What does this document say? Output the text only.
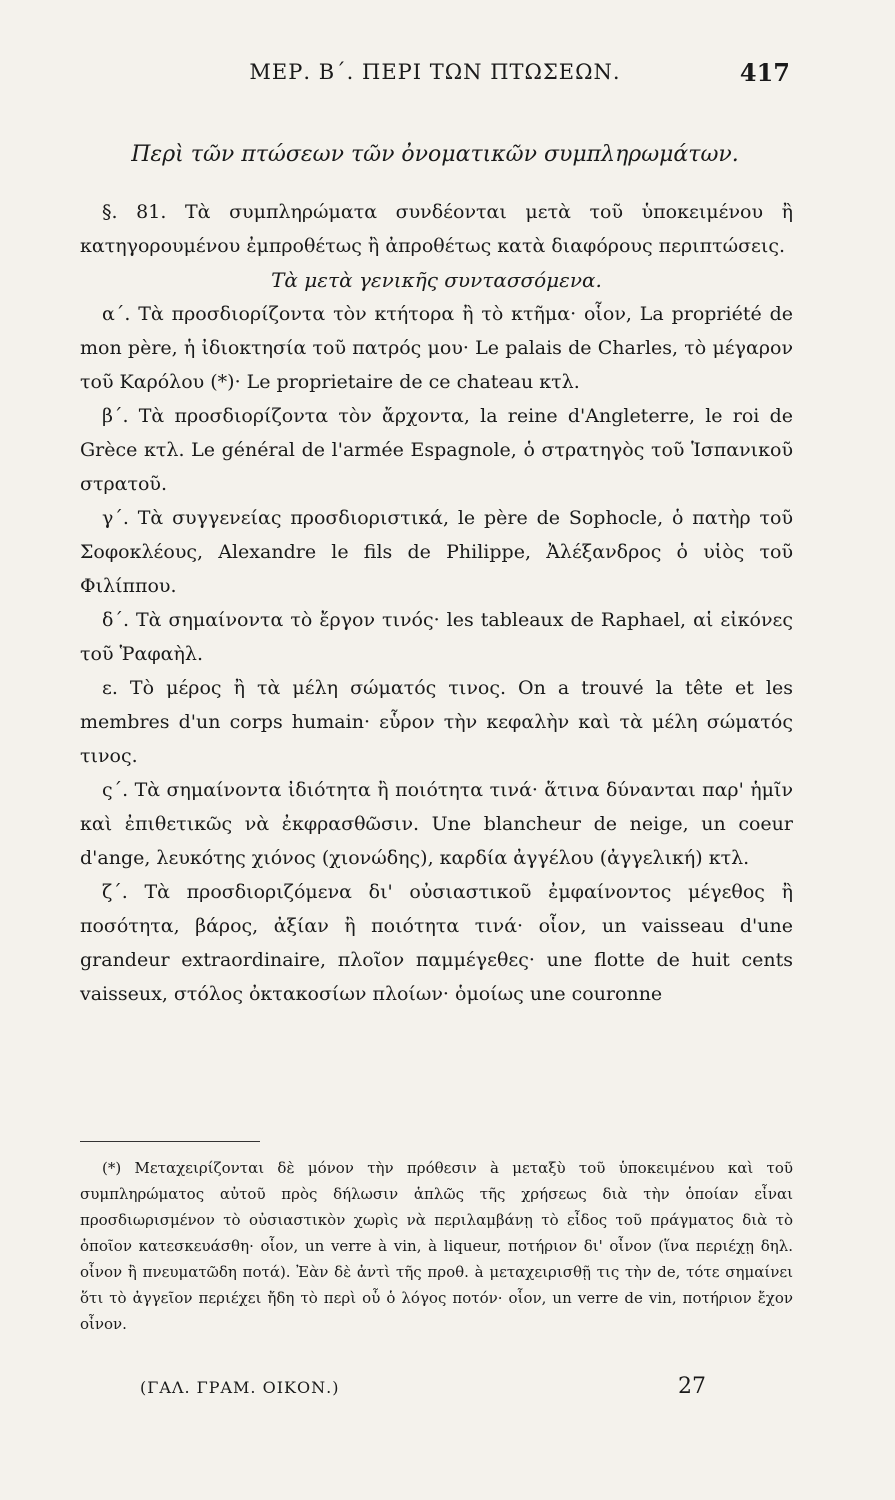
ΜΕΡ. Β΄. ΠΕΡΙ ΤΩΝ ΠΤΩΣΕΩΝ.	417
Περὶ τῶν πτώσεων τῶν ὀνοματικῶν συμπληρωμάτων.

§. 81. Τὰ συμπληρώματα συνδέονται μετὰ τοῦ ὑποκειμένου ἢ κατηγορουμένου ἐμπροθέτως ἢ ἀπροθέτως κατὰ διαφόρους περιπτώσεις.

Τὰ μετὰ γενικῆς συντασσόμενα.

α΄. Τὰ προσδιορίζοντα τὸν κτήτορα ἢ τὸ κτῆμα· οἷον, La propriété de mon père, ἡ ἰδιοκτησία τοῦ πατρός μου· Le palais de Charles, τὸ μέγαρον τοῦ Καρόλου (*)· Le proprietaire de ce chateau κτλ.

β΄. Τὰ προσδιορίζοντα τὸν ἄρχοντα, la reine d'Angleterre, le roi de Grèce κτλ. Le général de l'armée Espagnole, ὁ στρατηγὸς τοῦ Ἱσπανικοῦ στρατοῦ.

γ΄. Τὰ συγγενείας προσδιοριστικά, le père de Sophocle, ὁ πατὴρ τοῦ Σοφοκλέους, Alexandre le fils de Philippe, Ἀλέξανδρος ὁ υἱὸς τοῦ Φιλίππου.

δ΄. Τὰ σημαίνοντα τὸ ἔργον τινός· les tableaux de Raphael, αἱ εἰκόνες τοῦ Ῥαφαὴλ.

ε. Τὸ μέρος ἢ τὰ μέλη σώματός τινος. On a trouvé la tête et les membres d'un corps humain· εὗρον τὴν κεφαλὴν καὶ τὰ μέλη σώματός τινος.

ς΄. Τὰ σημαίνοντα ἰδιότητα ἢ ποιότητα τινά· ἅτινα δύνανται παρ' ἡμῖν καὶ ἐπιθετικῶς νὰ ἐκφρασθῶσιν. Une blancheur de neige, un coeur d'ange, λευκότης χιόνος (χιονώδης), καρδία ἀγγέλου (ἀγγελική) κτλ.

ζ΄. Τὰ προσδιοριζόμενα δι' οὐσιαστικοῦ ἐμφαίνοντος μέγεθος ἢ ποσότητα, βάρος, ἀξίαν ἢ ποιότητα τινά· οἷον, un vaisseau d'une grandeur extraordinaire, πλοῖον παμμέγεθες· une flotte de huit cents vaisseux, στόλος ὀκτακοσίων πλοίων· ὁμοίως une couronne

(*) Μεταχειρίζονται δὲ μόνον τὴν πρόθεσιν à μεταξὺ τοῦ ὑποκειμένου καὶ τοῦ συμπληρώματος αὐτοῦ πρὸς δήλωσιν ἁπλῶς τῆς χρήσεως διὰ τὴν ὁποίαν εἶναι προσδιωρισμένον τὸ οὐσιαστικὸν χωρὶς νὰ περιλαμβάνῃ τὸ εἶδος τοῦ πράγματος διὰ τὸ ὁποῖον κατεσκευάσθη· οἷον, un verre à vin, à liqueur, ποτήριον δι' οἶνον (ἵνα περιέχῃ δηλ. οἶνον ἢ πνευματῶδη ποτά). Ἐὰν δὲ ἀντὶ τῆς προθ. à μεταχειρισθῇ τις τὴν de, τότε σημαίνει ὅτι τὸ ἀγγεῖον περιέχει ἤδη τὸ περὶ οὗ ὁ λόγος ποτόν· οἷον, un verre de vin, ποτήριον ἔχον οἶνον.

(ΓΑΛ. ΓΡΑΜ. ΟΙΚΟΝ.)	27
